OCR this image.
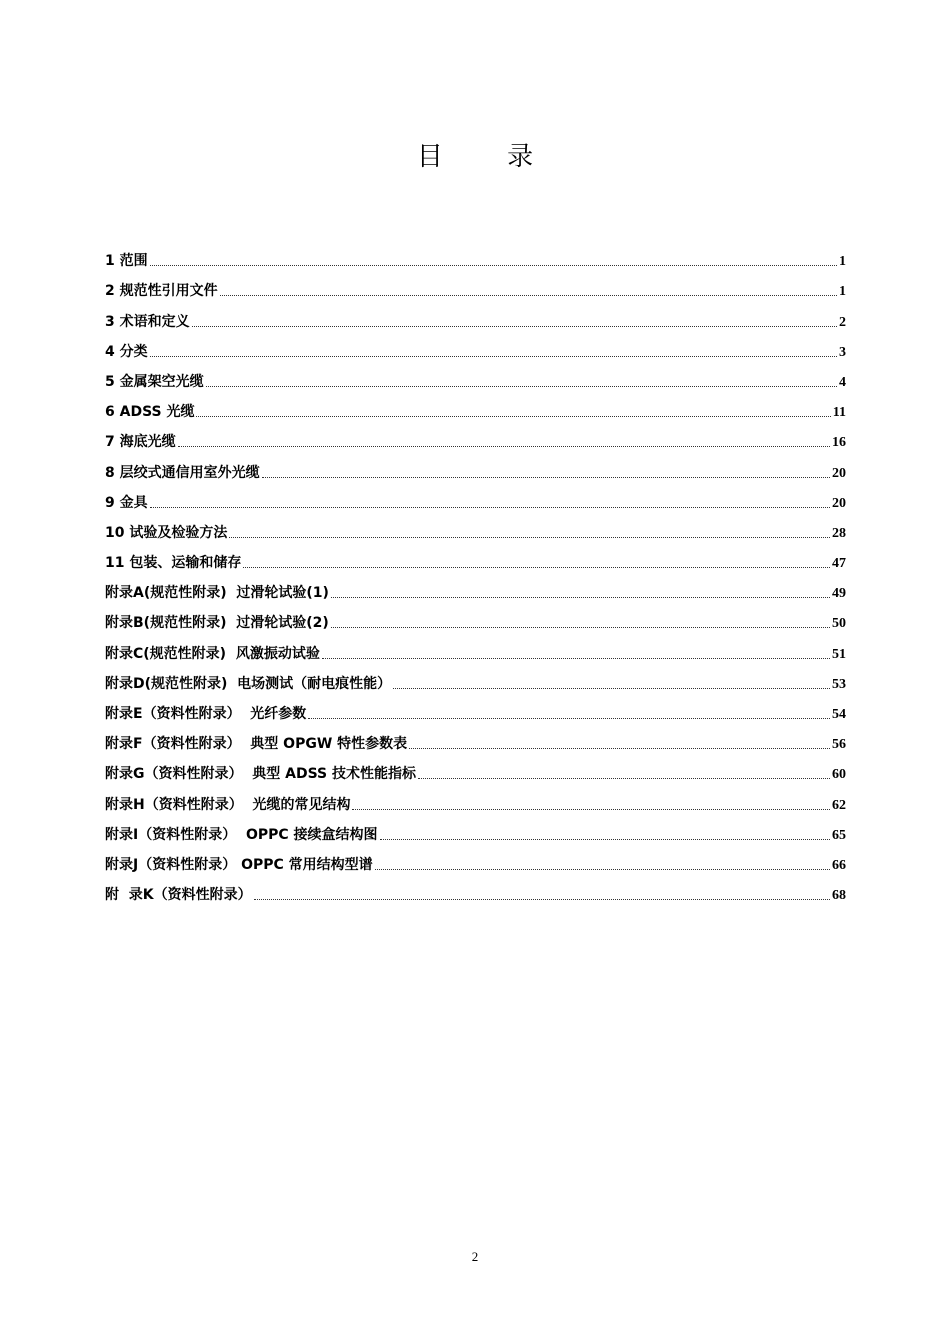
目 录
1 范围	1
2 规范性引用文件	1
3 术语和定义	2
4 分类	3
5 金属架空光缆	4
6 ADSS 光缆	11
7 海底光缆	16
8 层绞式通信用室外光缆	20
9 金具	20
10 试验及检验方法	28
11 包装、运输和储存	47
附录A(规范性附录)  过滑轮试验(1)	49
附录B(规范性附录)  过滑轮试验(2)	50
附录C(规范性附录)  风激振动试验	51
附录D(规范性附录)  电场测试（耐电痕性能）	53
附录E（资料性附录）  光纤参数	54
附录F（资料性附录）  典型 OPGW 特性参数表	56
附录G（资料性附录）  典型 ADSS 技术性能指标	60
附录H（资料性附录）  光缆的常见结构	62
附录I（资料性附录）  OPPC 接续盒结构图	65
附录J（资料性附录） OPPC 常用结构型谱	66
附  录K（资料性附录）	68
2
